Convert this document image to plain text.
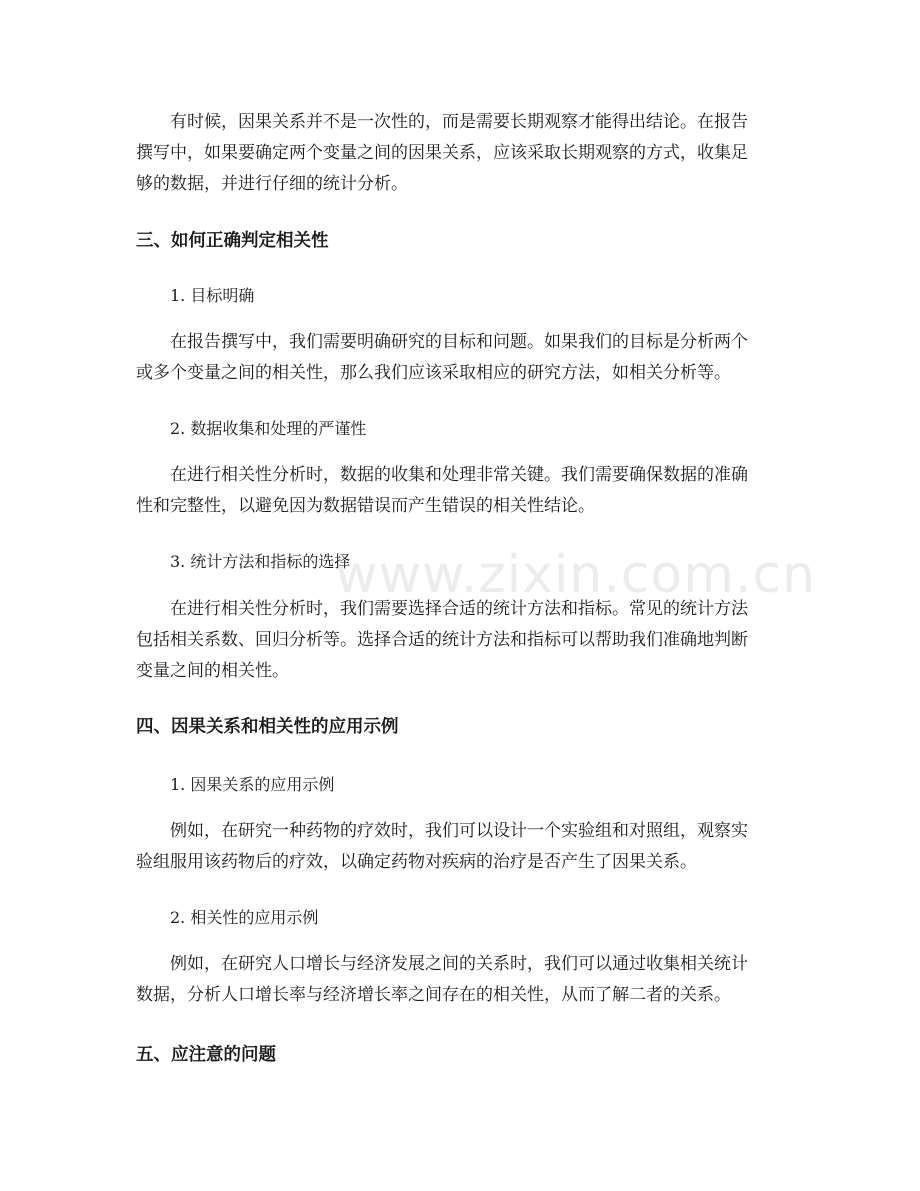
www.zixin.com.cn

有时候，因果关系并不是一次性的，而是需要长期观察才能得出结论。在报告
撰写中，如果要确定两个变量之间的因果关系，应该采取长期观察的方式，收集足
够的数据，并进行仔细的统计分析。

三、如何正确判定相关性

1. 目标明确

在报告撰写中，我们需要明确研究的目标和问题。如果我们的目标是分析两个
或多个变量之间的相关性，那么我们应该采取相应的研究方法，如相关分析等。

2. 数据收集和处理的严谨性

在进行相关性分析时，数据的收集和处理非常关键。我们需要确保数据的准确
性和完整性，以避免因为数据错误而产生错误的相关性结论。

3. 统计方法和指标的选择

在进行相关性分析时，我们需要选择合适的统计方法和指标。常见的统计方法
包括相关系数、回归分析等。选择合适的统计方法和指标可以帮助我们准确地判断
变量之间的相关性。

四、因果关系和相关性的应用示例

1. 因果关系的应用示例

例如，在研究一种药物的疗效时，我们可以设计一个实验组和对照组，观察实
验组服用该药物后的疗效，以确定药物对疾病的治疗是否产生了因果关系。

2. 相关性的应用示例

例如，在研究人口增长与经济发展之间的关系时，我们可以通过收集相关统计
数据，分析人口增长率与经济增长率之间存在的相关性，从而了解二者的关系。

五、应注意的问题
